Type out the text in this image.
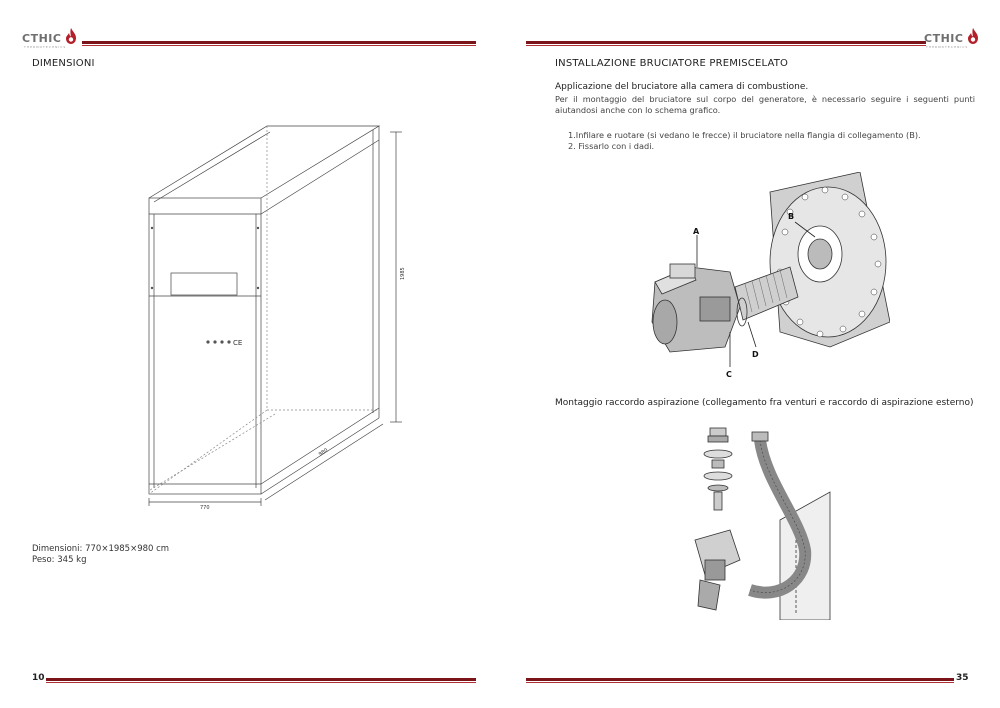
CTHIC
THERMOTECHNICS
DIMENSIONI
CE
1985
770
980
Dimensioni: 770×1985×980 cm
Peso: 345 kg
10
CTHIC
THERMOTECHNICS
INSTALLAZIONE BRUCIATORE PREMISCELATO
Applicazione del bruciatore alla camera di combustione.
Per il montaggio del bruciatore sul corpo del generatore, è necessario seguire i seguenti punti aiutandosi anche con lo schema grafico.
1.Infilare e ruotare (si vedano le frecce) il bruciatore nella flangia di collegamento (B).
2. Fissarlo con i dadi.
A
B
C
D
Montaggio raccordo aspirazione (collegamento fra venturi e raccordo di aspirazione esterno)
35
